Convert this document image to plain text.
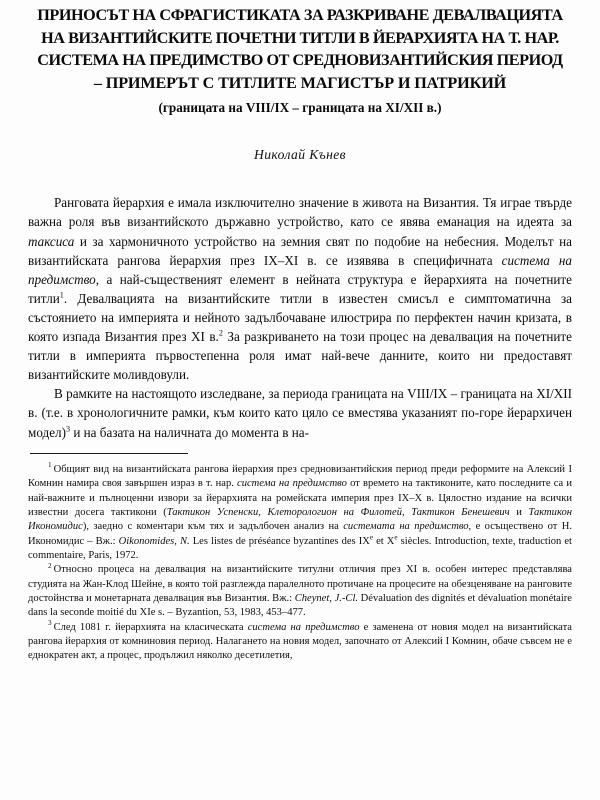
ПРИНОСЪТ НА СФРАГИСТИКАТА ЗА РАЗКРИВАНЕ ДЕВАЛВАЦИЯТА
НА ВИЗАНТИЙСКИТЕ ПОЧЕТНИ ТИТЛИ В ЙЕРАРХИЯТА НА Т. НАР.
СИСТЕМА НА ПРЕДИМСТВО ОТ СРЕДНОВИЗАНТИЙСКИЯ ПЕРИОД
– ПРИМЕРЪТ С ТИТЛИТЕ МАГИСТЪР И ПАТРИКИЙ
(границата на VIII/IX – границата на XI/XII в.)
Николай Кънев

Ранговата йерархия е имала изключително значение в живота на Византия. Тя играе твърде важна роля във византийското държавно устройство, като се явява еманация на идеята за таксиса и за хармоничното устройство на земния свят по подобие на небесния. Моделът на византийската рангова йерархия през IX–XI в. се изявява в специфичната система на предимство, а най-същественият елемент в нейната структура е йерархията на почетните титли$^1$. Девалвацията на византийските титли в известен смисъл е симптоматична за състоянието на империята и нейното задълбочаване илюстрира по перфектен начин кризата, в която изпада Византия през XI в.$^2$ За разкриването на този процес на девалвация на почетните титли в империята първостепенна роля имат най-вече данните, които ни предоставят византийските моливдовули.

В рамките на настоящото изследване, за периода границата на VIII/IX – границата на XI/XII в. (т.е. в хронологичните рамки, към които като цяло се вместява указаният по-горе йерархичен модел)$^3$ и на базата на наличната до момента в на-

$^1$ Общият вид на византийската рангова йерархия през средновизантийския период преди реформите на Алексий I Комнин намира своя завършен израз в т. нар. система на предимство от времето на тактиконите, като последните са и най-важните и пълноценни извори за йерархията на ромейската империя през IX–X в. Цялостно издание на всички известни досега тактикони (Тактикон Успенски, Клеторологион на Филотей, Тактикон Бенешевич и Тактикон Икономидис), заедно с коментари към тях и задълбочен анализ на системата на предимство, е осъществено от Н. Икономидис – Вж.: Oikonomides, N. Les listes de préséance byzantines des IXe et Xe siècles. Introduction, texte, traduction et commentaire, Paris, 1972.

$^2$ Относно процеса на девалвация на византийските титулни отличия през XI в. особен интерес представлява студията на Жан-Клод Шейне, в която той разглежда паралелното протичане на процесите на обезценяване на ранговите достойнства и монетарната девалвация във Византия. Вж.: Cheynet, J.-Cl. Dévaluation des dignités et dévaluation monétaire dans la seconde moitié du XIe s. – Byzantion, 53, 1983, 453–477.

$^3$ След 1081 г. йерархията на класическата система на предимство е заменена от новия модел на византийската рангова йерархия от комниновия период. Налагането на новия модел, започнато от Алексий I Комнин, обаче съвсем не е еднократен акт, а процес, продължил няколко десетилетия,
